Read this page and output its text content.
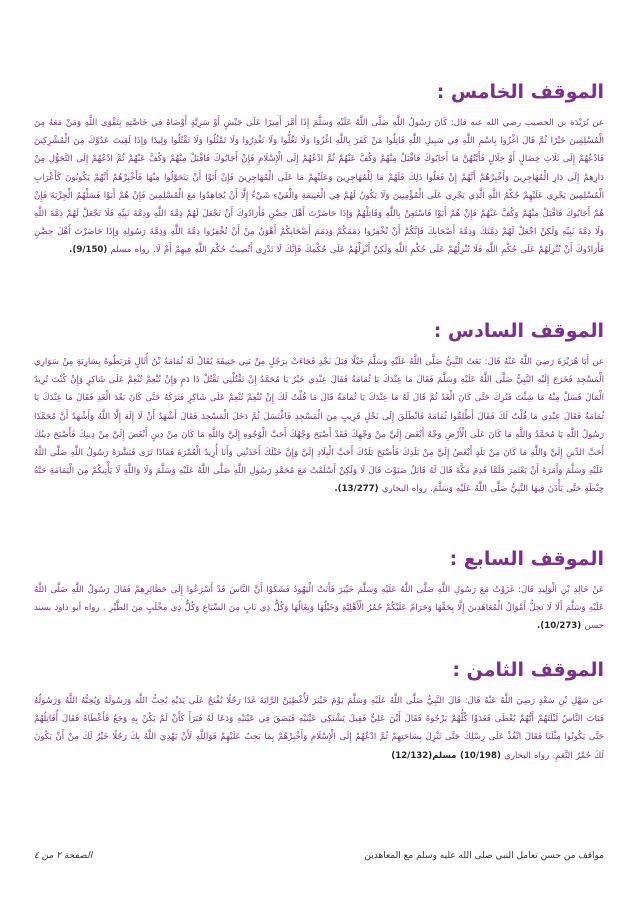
الموقف الخامس :

عن بُرَيْدَة بن الحصيب رضي الله عنه قال: كَانَ رَسُولُ اللَّهِ صَلَّى اللَّهُ عَلَيْهِ وَسَلَّمَ إِذَا أَمَّرَ أَمِيرًا عَلَى جَيْشٍ أَوْ سَرِيَّةٍ أَوْصَاهُ فِي خَاصَّتِهِ بِتَقْوَى اللَّهِ وَمَنْ مَعَهُ مِنَ الْمُسْلِمِينَ خَيْرًا ثُمَّ قَالَ اغْزُوا بِاسْمِ اللَّهِ فِي سَبِيلِ اللَّهِ قَاتِلُوا مَنْ كَفَرَ بِاللَّهِ اغْزُوا وَلَا تَغُلُّوا وَلَا تَغْدِرُوا وَلَا تَمْثُلُوا وَلَا تَقْتُلُوا وَلِيدًا وَإِذَا لَقِيتَ عَدُوَّكَ مِنَ الْمُشْرِكِينَ فَادْعُهُمْ إِلَى ثَلَاثِ خِصَالٍ أَوْ خِلَالٍ فَأَيَّتُهُنَّ مَا أَجَابُوكَ فَاقْبَلْ مِنْهُمْ وَكُفَّ عَنْهُمْ ثُمَّ ادْعُهُمْ إِلَى الْإِسْلَامِ فَإِنْ أَجَابُوكَ فَاقْبَلْ مِنْهُمْ وَكُفَّ عَنْهُمْ ثُمَّ ادْعُهُمْ إِلَى التَّحَوُّلِ مِنْ دَارِهِمْ إِلَى دَارِ الْمُهَاجِرِينَ وَأَخْبِرْهُمْ أَنَّهُمْ إِنْ فَعَلُوا ذَلِكَ فَلَهُمْ مَا لِلْمُهَاجِرِينَ وَعَلَيْهِمْ مَا عَلَى الْمُهَاجِرِينَ فَإِنْ أَبَوْا أَنْ يَتَحَوَّلُوا مِنْهَا فَأَخْبِرْهُمْ أَنَّهُمْ يَكُونُونَ كَأَعْرَابِ الْمُسْلِمِينَ يَجْرِي عَلَيْهِمْ حُكْمُ اللَّهِ الَّذِي يَجْرِي عَلَى الْمُؤْمِنِينَ وَلَا يَكُونُ لَهُمْ فِي الْغَنِيمَةِ وَالْفَيْءِ شَيْءٌ إِلَّا أَنْ يُجَاهِدُوا مَعَ الْمُسْلِمِينَ فَإِنْ هُمْ أَبَوْا فَسَلْهُمُ الْجِزْيَةَ فَإِنْ هُمْ أَجَابُوكَ فَاقْبَلْ مِنْهُمْ وَكُفَّ عَنْهُمْ فَإِنْ هُمْ أَبَوْا فَاسْتَعِنْ بِاللَّهِ وَقَاتِلْهُمْ وَإِذَا حَاصَرْتَ أَهْلَ حِصْنٍ فَأَرَادُوكَ أَنْ تَجْعَلَ لَهُمْ ذِمَّةَ اللَّهِ وَذِمَّةَ نَبِيِّهِ فَلَا تَجْعَلْ لَهُمْ ذِمَّةَ اللَّهِ وَلَا ذِمَّةَ نَبِيِّهِ وَلَكِنْ اجْعَلْ لَهُمْ ذِمَّتَكَ وَذِمَّةَ أَصْحَابِكَ فَإِنَّكُمْ أَنْ تُخْفِرُوا ذِمَمَكُمْ وَذِمَمَ أَصْحَابِكُمْ أَهْوَنُ مِنْ أَنْ تُخْفِرُوا ذِمَّةَ اللَّهِ وَذِمَّةَ رَسُولِهِ وَإِذَا حَاصَرْتَ أَهْلَ حِصْنٍ فَأَرَادُوكَ أَنْ تُنْزِلَهُمْ عَلَى حُكْمِ اللَّهِ فَلَا تُنْزِلْهُمْ عَلَى حُكْمِ اللَّهِ وَلَكِنْ أَنْزِلْهُمْ عَلَى حُكْمِكَ فَإِنَّكَ لَا تَدْرِي أَتُصِيبُ حُكْمَ اللَّهِ فِيهِمْ أَمْ لَا. رواه مسلم (9/150).

الموقف السادس :

عن أَبَا هُرَيْرَةَ رَضِيَ اللَّهُ عَنْهُ قَالَ: بَعَثَ النَّبِيُّ صَلَّى اللَّهُ عَلَيْهِ وَسَلَّمَ خَيْلًا قِبَلَ نَجْدٍ فَجَاءَتْ بِرَجُلٍ مِنْ بَنِي حَنِيفَةَ يُقَالُ لَهُ ثُمَامَةُ بْنُ أُثَالٍ فَرَبَطُوهُ بِسَارِيَةٍ مِنْ سَوَارِي الْمَسْجِدِ فَخَرَجَ إِلَيْهِ النَّبِيُّ صَلَّى اللَّهُ عَلَيْهِ وَسَلَّمَ فَقَالَ مَا عِنْدَكَ يَا ثُمَامَةُ فَقَالَ عِنْدِي خَيْرٌ يَا مُحَمَّدُ إِنْ تَقْتُلْنِي تَقْتُلْ ذَا دَمٍ وَإِنْ تُنْعِمْ تُنْعِمْ عَلَى شَاكِرٍ وَإِنْ كُنْتَ تُرِيدُ الْمَالَ فَسَلْ مِنْهُ مَا شِئْتَ فَتُرِكَ حَتَّى كَانَ الْغَدُ ثُمَّ قَالَ لَهُ مَا عِنْدَكَ يَا ثُمَامَةُ قَالَ مَا قُلْتُ لَكَ إِنْ تُنْعِمْ تُنْعِمْ عَلَى شَاكِرٍ فَتَرَكَهُ حَتَّى كَانَ بَعْدَ الْغَدِ فَقَالَ مَا عِنْدَكَ يَا ثُمَامَةُ فَقَالَ عِنْدِي مَا قُلْتُ لَكَ فَقَالَ أَطْلِقُوا ثُمَامَةَ فَانْطَلَقَ إِلَى نَجْلٍ قَرِيبٍ مِنَ الْمَسْجِدِ فَاغْتَسَلَ ثُمَّ دَخَلَ الْمَسْجِدَ فَقَالَ أَشْهَدُ أَنْ لَا إِلَهَ إِلَّا اللَّهُ وَأَشْهَدُ أَنَّ مُحَمَّدًا رَسُولُ اللَّهِ يَا مُحَمَّدُ وَاللَّهِ مَا كَانَ عَلَى الْأَرْضِ وَجْهٌ أَبْغَضَ إِلَيَّ مِنْ وَجْهِكَ فَقَدْ أَصْبَحَ وَجْهُكَ أَحَبَّ الْوُجُوهِ إِلَيَّ وَاللَّهِ مَا كَانَ مِنْ دِينٍ أَبْغَضَ إِلَيَّ مِنْ دِينِكَ فَأَصْبَحَ دِينُكَ أَحَبَّ الدِّينِ إِلَيَّ وَاللَّهِ مَا كَانَ مِنْ بَلَدٍ أَبْغَضُ إِلَيَّ مِنْ بَلَدِكَ فَأَصْبَحَ بَلَدُكَ أَحَبَّ الْبِلَادِ إِلَيَّ وَإِنَّ خَيْلَكَ أَخَذَتْنِي وَأَنَا أُرِيدُ الْعُمْرَةَ فَمَاذَا تَرَى فَبَشَّرَهُ رَسُولُ اللَّهِ صَلَّى اللَّهُ عَلَيْهِ وَسَلَّمَ وَأَمَرَهُ أَنْ يَعْتَمِرَ فَلَمَّا قَدِمَ مَكَّةَ قَالَ لَهُ قَائِلٌ صَبَوْتَ قَالَ لَا وَلَكِنْ أَسْلَمْتُ مَعَ مُحَمَّدٍ رَسُولِ اللَّهِ صَلَّى اللَّهُ عَلَيْهِ وَسَلَّمَ وَلَا وَاللَّهِ لَا يَأْتِيكُمْ مِنَ الْيَمَامَةِ حَبَّةُ حِنْطَةٍ حَتَّى يَأْذَنَ فِيهَا النَّبِيُّ صَلَّى اللَّهُ عَلَيْهِ وَسَلَّمَ. رواه البخاري (13/277).

الموقف السابع :

عَنْ خَالِدِ بْنِ الْوَلِيدِ قَالَ: غَزَوْتُ مَعَ رَسُولِ اللَّهِ صَلَّى اللَّهُ عَلَيْهِ وَسَلَّمَ خَيْبَرَ فَأَتَتْ الْيَهُودُ فَشَكَوْا أَنَّ النَّاسَ قَدْ أَسْرَعُوا إِلَى حَظَائِرِهِمْ فَقَالَ رَسُولُ اللَّهِ صَلَّى اللَّهُ عَلَيْهِ وَسَلَّمَ أَلَا لَا تَحِلُّ أَمْوَالُ الْمُعَاهَدِينَ إِلَّا بِحَقِّهَا وَحَرَامٌ عَلَيْكُمْ حُمُرُ الْأَهْلِيَّةِ وَخَيْلُهَا وَبِغَالُهَا وَكُلُّ ذِي نَابٍ مِنَ السِّبَاعِ وَكُلُّ ذِي مِخْلَبٍ مِنَ الطَّيْرِ . رواه أبو داود بسند حسن (10/273).

الموقف الثامن :

عن سَهْلِ بْنِ سَعْدٍ رَضِيَ اللَّهُ عَنْهُ قَالَ: قَالَ النَّبِيُّ صَلَّى اللَّهُ عَلَيْهِ وَسَلَّمَ يَوْمَ خَيْبَرَ لَأُعْطِيَنَّ الرَّايَةَ غَدًا رَجُلًا يُفْتَحُ عَلَى يَدَيْهِ يُحِبُّ اللَّهَ وَرَسُولَهُ وَيُحِبُّهُ اللَّهُ وَرَسُولُهُ فَبَاتَ النَّاسُ لَيْلَتَهُمْ أَيُّهُمْ يُعْطَى فَغَدَوْا كُلُّهُمْ يَرْجُوهُ فَقَالَ أَيْنَ عَلِيٌّ فَقِيلَ يَشْتَكِي عَيْنَيْهِ فَبَصَقَ فِي عَيْنَيْهِ وَدَعَا لَهُ فَبَرَأَ كَأَنْ لَمْ يَكُنْ بِهِ وَجَعٌ فَأَعْطَاهُ فَقَالَ أُقَاتِلُهُمْ حَتَّى يَكُونُوا مِثْلَنَا فَقَالَ انْفُذْ عَلَى رِسْلِكَ حَتَّى تَنْزِلَ بِسَاحَتِهِمْ ثُمَّ ادْعُهُمْ إِلَى الْإِسْلَامِ وَأَخْبِرْهُمْ بِمَا يَجِبُ عَلَيْهِمْ فَوَاللَّهِ لَأَنْ يَهْدِيَ اللَّهُ بِكَ رَجُلًا خَيْرٌ لَكَ مِنْ أَنْ يَكُونَ لَكَ حُمْرُ النَّعَمِ. رواه البخاري (10/198) مسلم(12/132)

مواقف من حسن تعامل النبي صلى الله عليه وسلم مع المعاهدين
الصفحة ٢ من ٤
